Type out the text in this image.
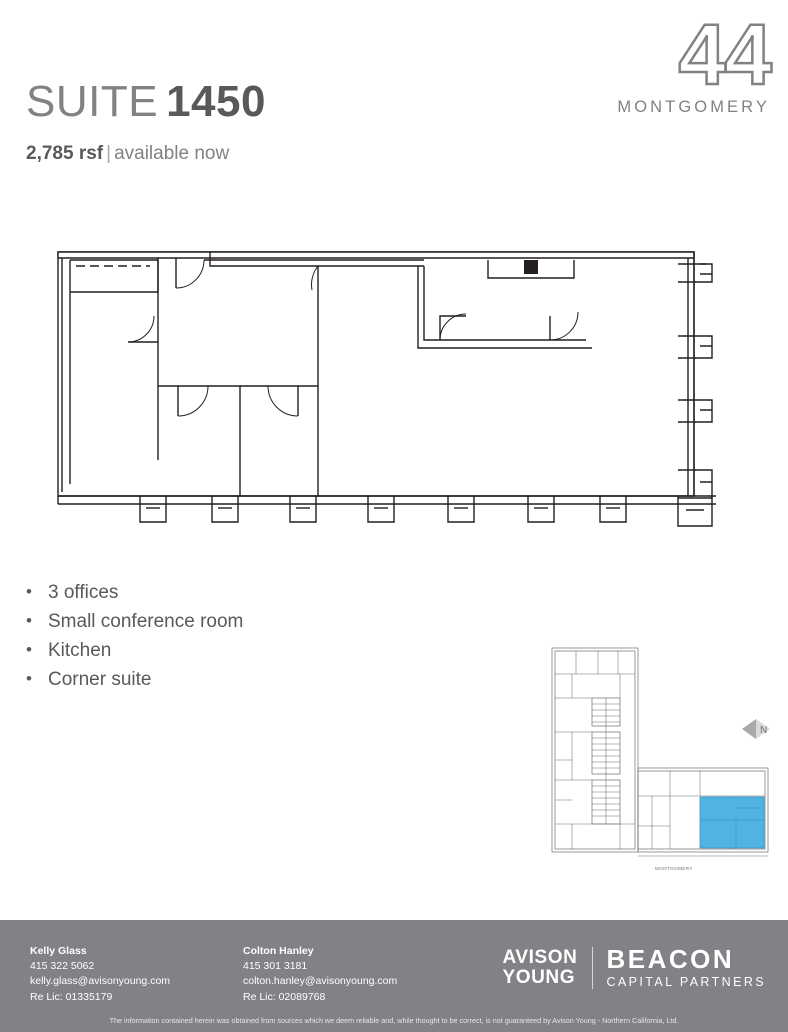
SUITE 1450
2,785 rsf | available now
44
MONTGOMERY
• 3 offices
• Small conference room
• Kitchen
• Corner suite
MONTGOMERY
N
Kelly Glass
415 322 5062
kelly.glass@avisonyoung.com
Re Lic: 01335179
Colton Hanley
415 301 3181
colton.hanley@avisonyoung.com
Re Lic: 02089768
AVISON
YOUNG
BEACON
CAPITAL PARTNERS
The information contained herein was obtained from sources which we deem reliable and, while thought to be correct, is not guaranteed by Avison Young - Northern California, Ltd.
